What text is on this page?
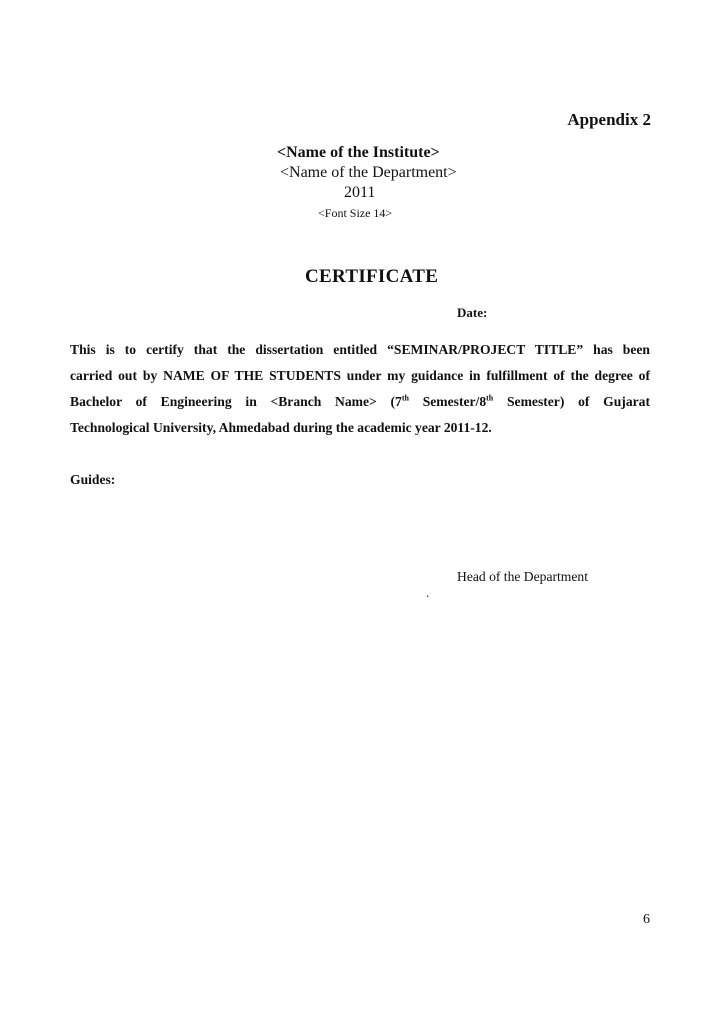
Appendix 2
<Name of the Institute>
<Name of the Department>
2011
<Font Size 14>
CERTIFICATE
Date:
This is to certify that the dissertation entitled “SEMINAR/PROJECT TITLE” has been
carried out by NAME OF THE STUDENTS under my guidance in fulfillment of the degree of
Bachelor of Engineering in <Branch Name> (7th Semester/8th Semester) of Gujarat
Technological University, Ahmedabad during the academic year 2011-12.
Guides:
Head of the Department
.
6
